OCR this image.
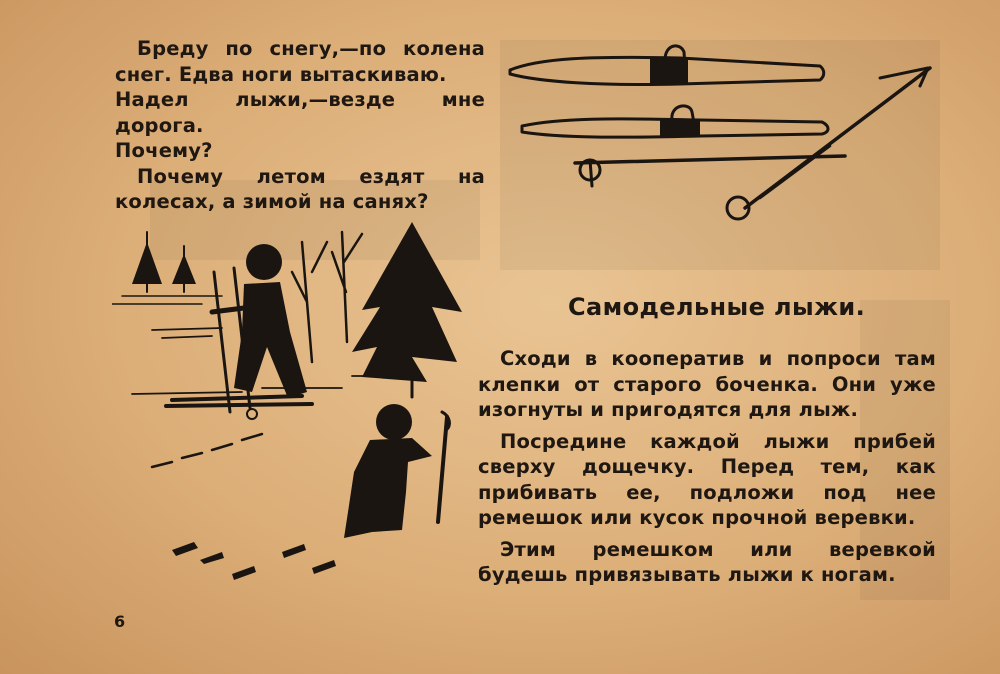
Бреду по снегу,—по колена снег. Едва ноги вытаскиваю.

Надел лыжи,—везде мне дорога.

Почему?

Почему летом ездят на колесах, а зимой на санях?

Самодельные лыжи.

Сходи в кооператив и попроси там клепки от старого боченка. Они уже изогнуты и пригодятся для лыж.

Посредине каждой лыжи прибей сверху дощечку. Перед тем, как прибивать ее, подложи под нее ремешок или кусок прочной веревки.

Этим ремешком или веревкой будешь привязывать лыжи к ногам.

6
